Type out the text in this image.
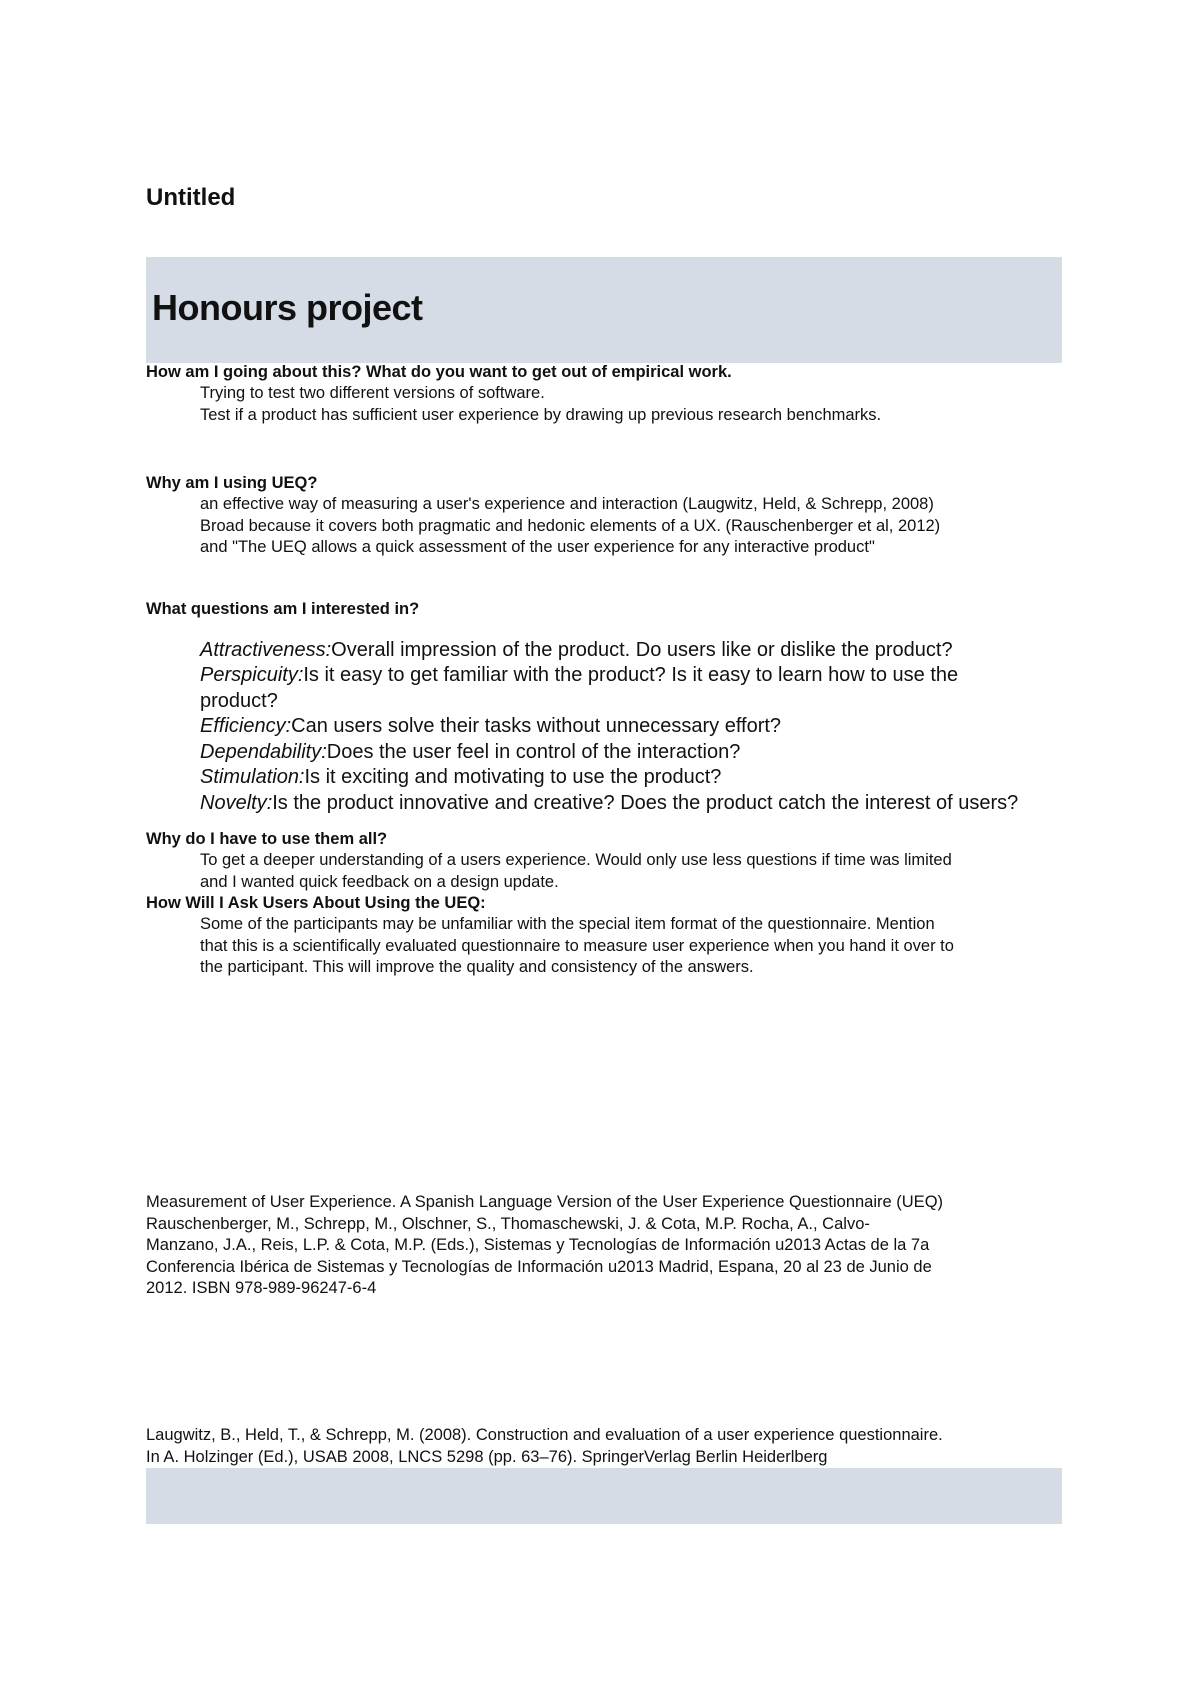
Untitled

Honours project

How am I going about this? What do you want to get out of empirical work.

Trying to test two different versions of software.
Test if a product has sufficient user experience by drawing up previous research benchmarks.

Why am I using UEQ?

an effective way of measuring a user's experience and interaction (Laugwitz, Held, & Schrepp, 2008)
Broad because it covers both pragmatic and hedonic elements of a UX. (Rauschenberger et al, 2012)
and "The UEQ allows a quick assessment of the user experience for any interactive product"

What questions am I interested in?

Attractiveness:Overall impression of the product. Do users like or dislike the product?
Perspicuity:Is it easy to get familiar with the product? Is it easy to learn how to use the product?
Efficiency:Can users solve their tasks without unnecessary effort?
Dependability:Does the user feel in control of the interaction?
Stimulation:Is it exciting and motivating to use the product?
Novelty:Is the product innovative and creative? Does the product catch the interest of users?

Why do I have to use them all?

To get a deeper understanding of a users experience. Would only use less questions if time was limited
and I wanted quick feedback on a design update.

How Will I Ask Users About Using the UEQ:

Some of the participants may be unfamiliar with the special item format of the questionnaire. Mention
that this is a scientifically evaluated questionnaire to measure user experience when you hand it over to
the participant. This will improve the quality and consistency of the answers.
Measurement of User Experience. A Spanish Language Version of the User Experience Questionnaire (UEQ)
Rauschenberger, M., Schrepp, M., Olschner, S., Thomaschewski, J. & Cota, M.P. Rocha, A., Calvo-
Manzano, J.A., Reis, L.P. & Cota, M.P. (Eds.), Sistemas y Tecnologías de Información u2013 Actas de la 7a
Conferencia Ibérica de Sistemas y Tecnologías de Información u2013 Madrid, Espana, 20 al 23 de Junio de
2012. ISBN 978-989-96247-6-4
Laugwitz, B., Held, T., & Schrepp, M. (2008). Construction and evaluation of a user experience questionnaire.
In A. Holzinger (Ed.), USAB 2008, LNCS 5298 (pp. 63–76). SpringerVerlag Berlin Heiderlberg
